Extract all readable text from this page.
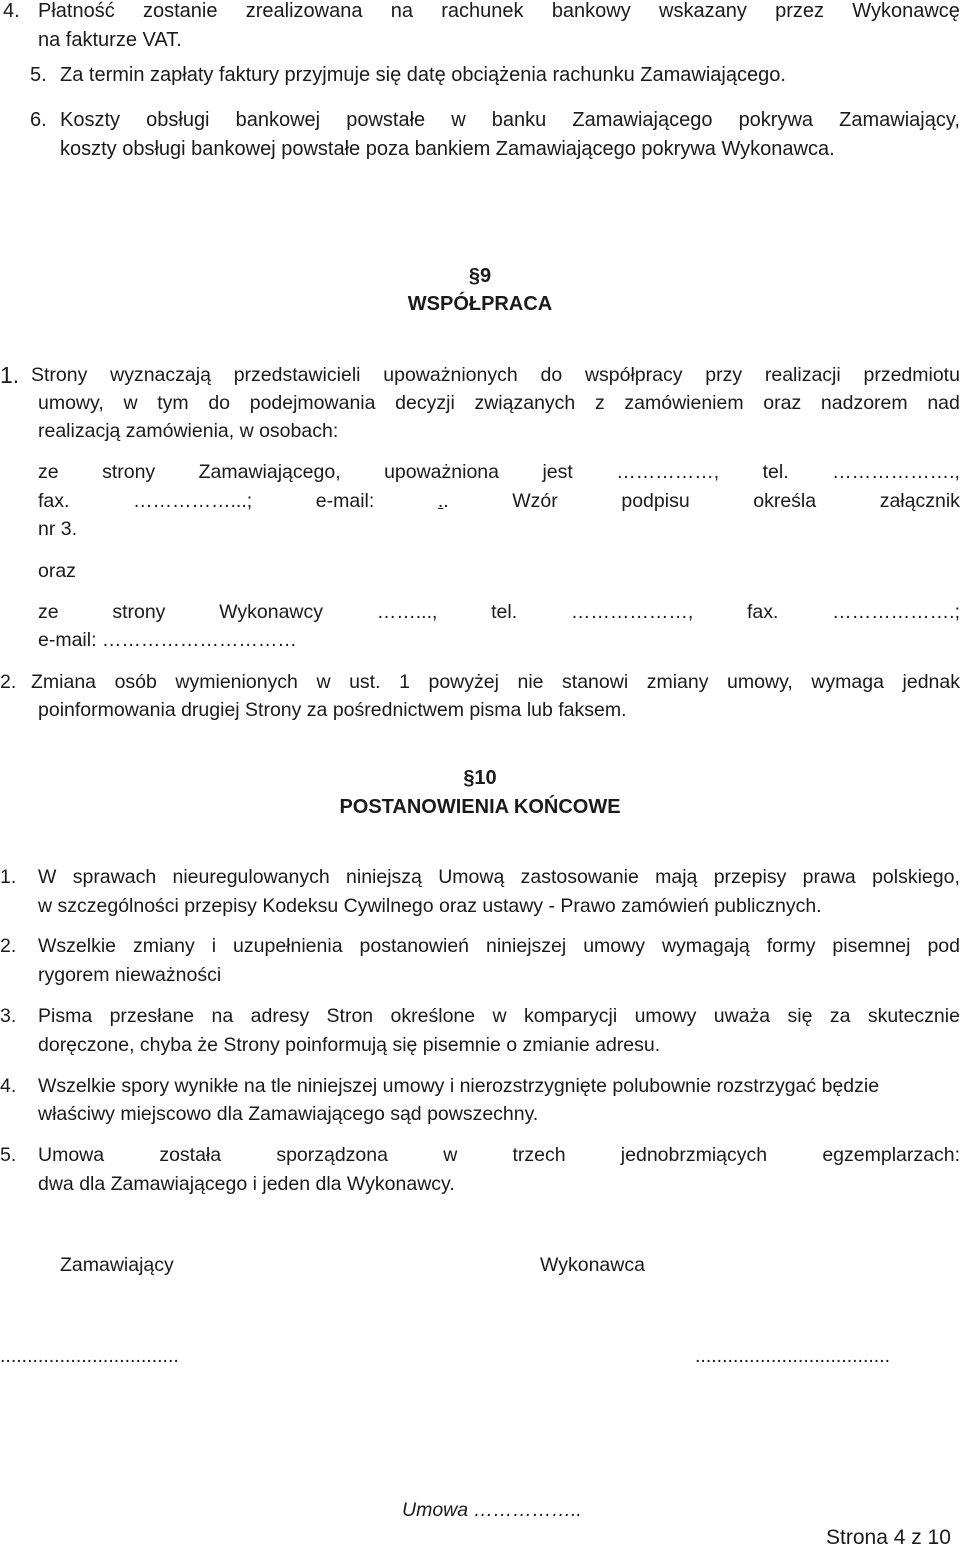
4. Płatność zostanie zrealizowana na rachunek bankowy wskazany przez Wykonawcę
na fakturze VAT.
5. Za termin zapłaty faktury przyjmuje się datę obciążenia rachunku Zamawiającego.
6. Koszty obsługi bankowej powstałe w banku Zamawiającego pokrywa Zamawiający,
koszty obsługi bankowej powstałe poza bankiem Zamawiającego pokrywa Wykonawca.
§9
WSPÓŁPRACA
1. Strony wyznaczają przedstawicieli upoważnionych do współpracy przy realizacji przedmiotu
umowy, w tym do podejmowania decyzji związanych z zamówieniem oraz nadzorem nad
realizacją zamówienia, w osobach:
ze strony Zamawiającego, upoważniona jest ……………, tel. ……………….,
fax.	……………...;	e-mail:	..	Wzór	podpisu	określa	załącznik
nr 3.
oraz
ze	strony	Wykonawcy	……...,	tel.	………………,	fax.	……………….;
e-mail: …………………………
2. Zmiana osób wymienionych w ust. 1 powyżej nie stanowi zmiany umowy, wymaga jednak
poinformowania drugiej Strony za pośrednictwem pisma lub faksem.
§10
POSTANOWIENIA KOŃCOWE
1. W sprawach nieuregulowanych niniejszą Umową zastosowanie mają przepisy prawa polskiego,
w szczególności przepisy Kodeksu Cywilnego oraz ustawy - Prawo zamówień publicznych.
2. Wszelkie zmiany i uzupełnienia postanowień niniejszej umowy wymagają formy pisemnej pod
rygorem nieważności
3. Pisma przesłane na adresy Stron określone w komparycji umowy uważa się za skutecznie
doręczone, chyba że Strony poinformują się pisemnie o zmianie adresu.
4. Wszelkie spory wynikłe na tle niniejszej umowy i nierozstrzygnięte polubownie rozstrzygać będzie
właściwy miejscowo dla Zamawiającego sąd powszechny.
5. Umowa	została	sporządzona	w	trzech	jednobrzmiących	egzemplarzach:
dwa dla Zamawiającego i jeden dla Wykonawcy.
Zamawiający	Wykonawca
.................................	....................................
Umowa ……………..
Strona 4 z 10
